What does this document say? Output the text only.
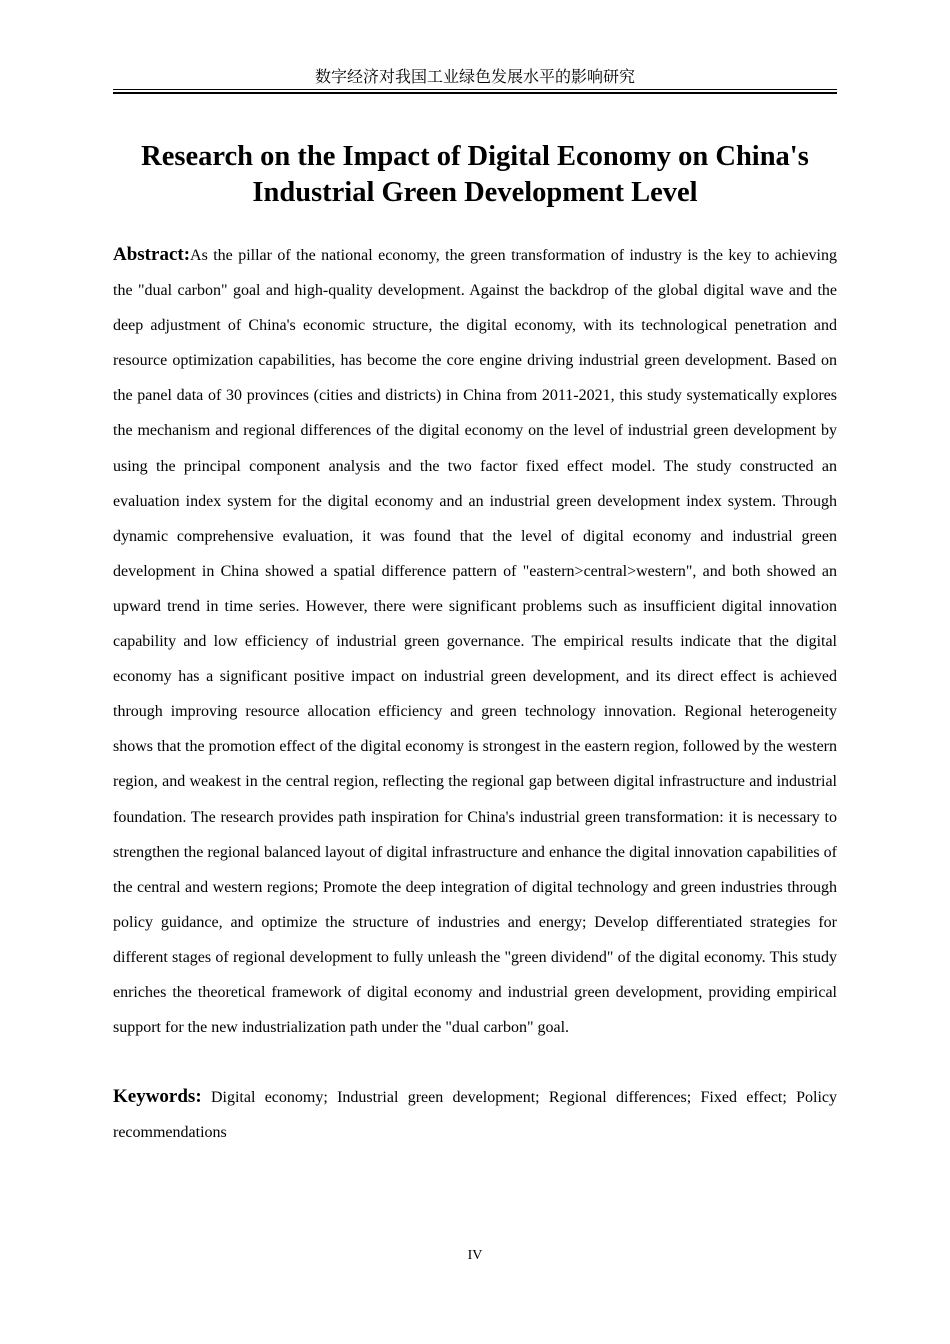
数字经济对我国工业绿色发展水平的影响研究
Research on the Impact of Digital Economy on China's
Industrial Green Development Level

Abstract:As the pillar of the national economy, the green transformation of industry is the key to achieving the "dual carbon" goal and high-quality development. Against the backdrop of the global digital wave and the deep adjustment of China's economic structure, the digital economy, with its technological penetration and resource optimization capabilities, has become the core engine driving industrial green development. Based on the panel data of 30 provinces (cities and districts) in China from 2011-2021, this study systematically explores the mechanism and regional differences of the digital economy on the level of industrial green development by using the principal component analysis and the two factor fixed effect model. The study constructed an evaluation index system for the digital economy and an industrial green development index system. Through dynamic comprehensive evaluation, it was found that the level of digital economy and industrial green development in China showed a spatial difference pattern of "eastern>central>western", and both showed an upward trend in time series. However, there were significant problems such as insufficient digital innovation capability and low efficiency of industrial green governance. The empirical results indicate that the digital economy has a significant positive impact on industrial green development, and its direct effect is achieved through improving resource allocation efficiency and green technology innovation. Regional heterogeneity shows that the promotion effect of the digital economy is strongest in the eastern region, followed by the western region, and weakest in the central region, reflecting the regional gap between digital infrastructure and industrial foundation. The research provides path inspiration for China's industrial green transformation: it is necessary to strengthen the regional balanced layout of digital infrastructure and enhance the digital innovation capabilities of the central and western regions; Promote the deep integration of digital technology and green industries through policy guidance, and optimize the structure of industries and energy; Develop differentiated strategies for different stages of regional development to fully unleash the "green dividend" of the digital economy. This study enriches the theoretical framework of digital economy and industrial green development, providing empirical support for the new industrialization path under the "dual carbon" goal.

Keywords: Digital economy; Industrial green development; Regional differences; Fixed effect; Policy recommendations

IV
